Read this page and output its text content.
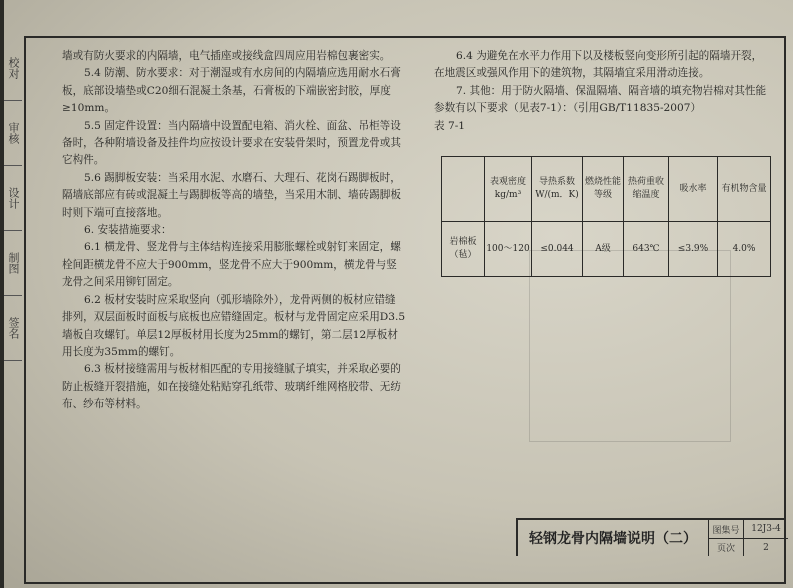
校对
审核
设计
制图
签名

墙或有防火要求的内隔墙，电气插座或接线盒四周应用岩棉包裹密实。

5.4 防潮、防水要求：对于潮湿或有水房间的内隔墙应选用耐水石膏板，底部设墙垫或C20细石混凝土条基，石膏板的下端嵌密封胶，厚度≥10mm。

5.5 固定件设置：当内隔墙中设置配电箱、消火栓、面盆、吊柜等设备时，各种附墙设备及挂件均应按设计要求在安装骨架时，预置龙骨或其它构件。

5.6 踢脚板安装：当采用水泥、水磨石、大理石、花岗石踢脚板时，隔墙底部应有砖或混凝土与踢脚板等高的墙垫，当采用木制、墙砖踢脚板时则下端可直接落地。

6. 安装措施要求：

6.1 横龙骨、竖龙骨与主体结构连接采用膨胀螺栓或射钉来固定，螺栓间距横龙骨不应大于900mm，竖龙骨不应大于900mm，横龙骨与竖龙骨之间采用铆钉固定。

6.2 板材安装时应采取竖向（弧形墙除外），龙骨两侧的板材应错缝排列，双层面板时面板与底板也应错缝固定。板材与龙骨固定应采用D3.5墙板自攻螺钉。单层12厚板材用长度为25mm的螺钉，第二层12厚板材用长度为35mm的螺钉。

6.3 板材接缝需用与板材相匹配的专用接缝腻子填实，并采取必要的防止板缝开裂措施，如在接缝处粘贴穿孔纸带、玻璃纤维网格胶带、无纺布、纱布等材料。

6.4 为避免在水平力作用下以及楼板竖向变形所引起的隔墙开裂，在地震区或强风作用下的建筑物，其隔墙宜采用滑动连接。

7. 其他：用于防火隔墙、保温隔墙、隔音墙的填充物岩棉对其性能参数有以下要求（见表7-1）：（引用GB/T11835-2007）

表 7-1

	表观密度kg/m³	导热系数W/(m．K)	燃烧性能等级	热荷重收缩温度	吸水率	有机物含量
岩棉板（毡）	100～120	≤0.044	A级	643℃	≤3.9%	4.0%
轻钢龙骨内隔墙说明（二）
图集号	12J3-4
页次	2
